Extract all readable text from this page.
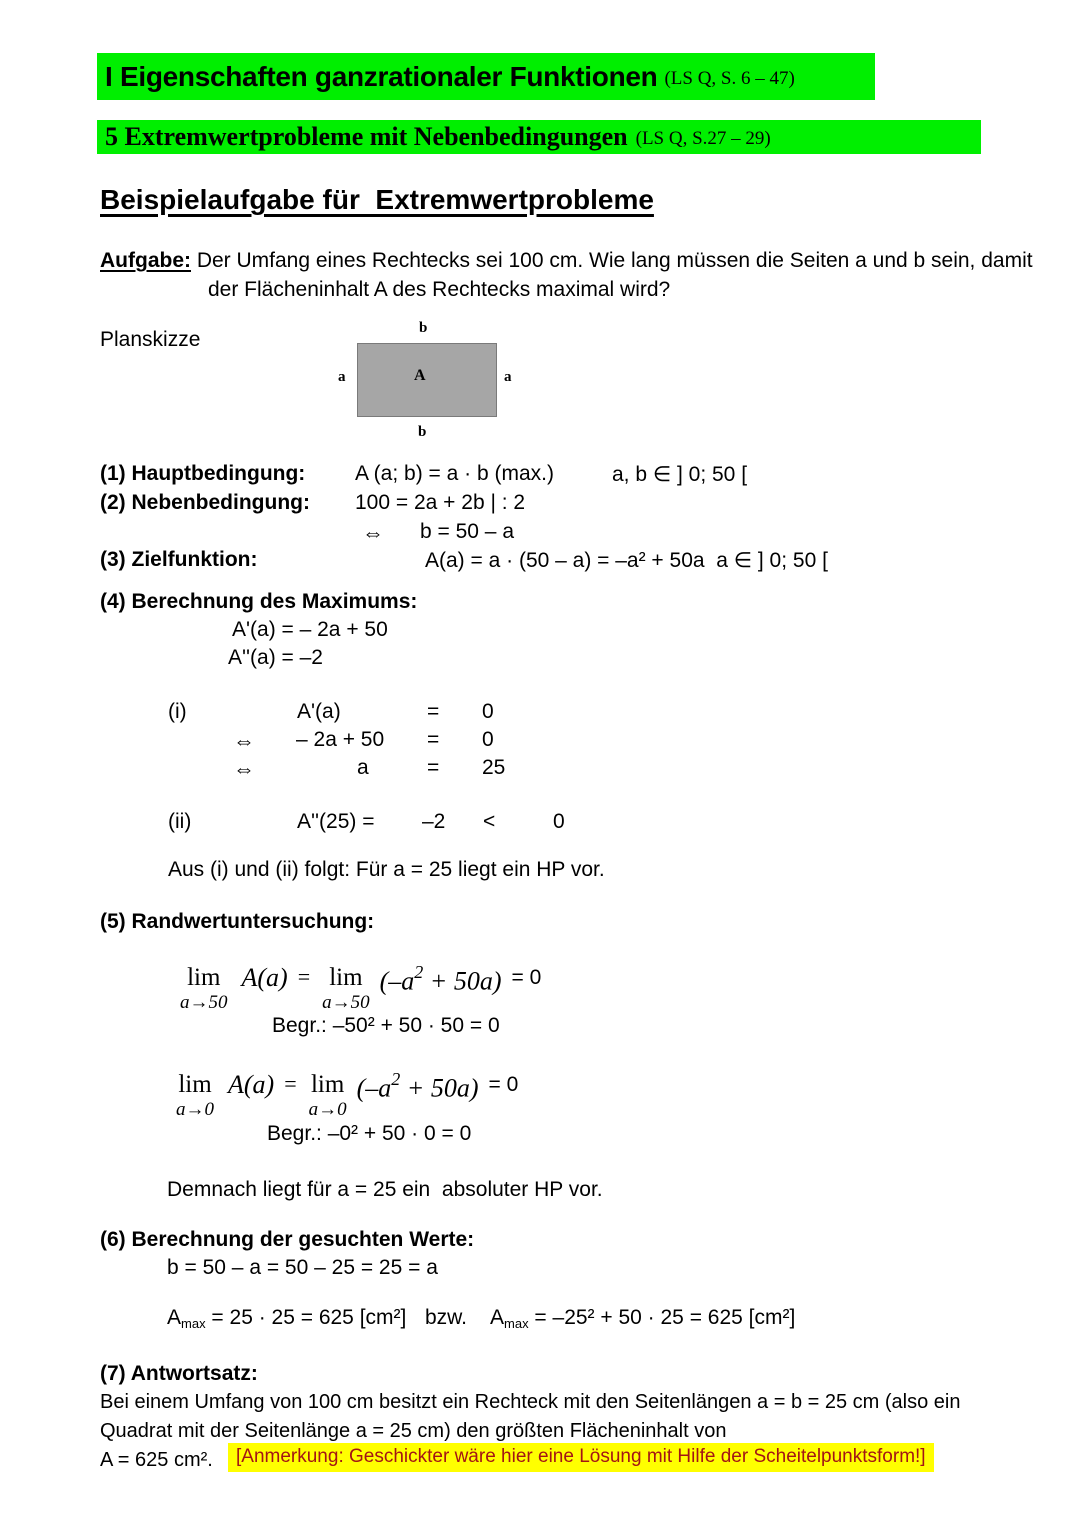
I Eigenschaften ganzrationaler Funktionen (LS Q, S. 6 – 47)
5 Extremwertprobleme mit Nebenbedingungen (LS Q, S.27 – 29)
Beispielaufgabe für  Extremwertprobleme
Aufgabe: Der Umfang eines Rechtecks sei 100 cm. Wie lang müssen die Seiten a und b sein, damit
der Flächeninhalt A des Rechtecks maximal wird?
Planskizze	b
a	A	a
b
(1) Hauptbedingung: A (a; b) = a · b (max.)	a, b ∈ ] 0; 50 [
(2) Nebenbedingung: 100 = 2a + 2b | : 2
⇔ b = 50 – a
(3) Zielfunktion:	A(a) = a · (50 – a) = –a² + 50a  a ∈ ] 0; 50 [
(4) Berechnung des Maximums:
A'(a) = – 2a + 50
A''(a) = –2
(i)	A'(a)	= 0
⇔ – 2a + 50 = 0
⇔	a	= 25
(ii)	A''(25) = –2 <	0
Aus (i) und (ii) folgt: Für a = 25 liegt ein HP vor.
(5) Randwertuntersuchung:
lim
a→50
A(a) = lim
a→50
$(-a^2 + 50a) = 0$
Begr.: –50² + 50 · 50 = 0
lim
a→0
A(a) = lim
a→0
$(-a^2 + 50a) = 0$
Begr.: –0² + 50 · 0 = 0
Demnach liegt für a = 25 ein  absoluter HP vor.
(6) Berechnung der gesuchten Werte:
b = 50 – a = 50 – 25 = 25 = a
Amax = 25 · 25 = 625 [cm²] bzw. Amax = –25² + 50 · 25 = 625 [cm²]
(7) Antwortsatz:
Bei einem Umfang von 100 cm besitzt ein Rechteck mit den Seitenlängen a = b = 25 cm (also ein
Quadrat mit der Seitenlänge a = 25 cm) den größten Flächeninhalt von
A = 625 cm².	[Anmerkung: Geschickter wäre hier eine Lösung mit Hilfe der Scheitelpunktsform!]
